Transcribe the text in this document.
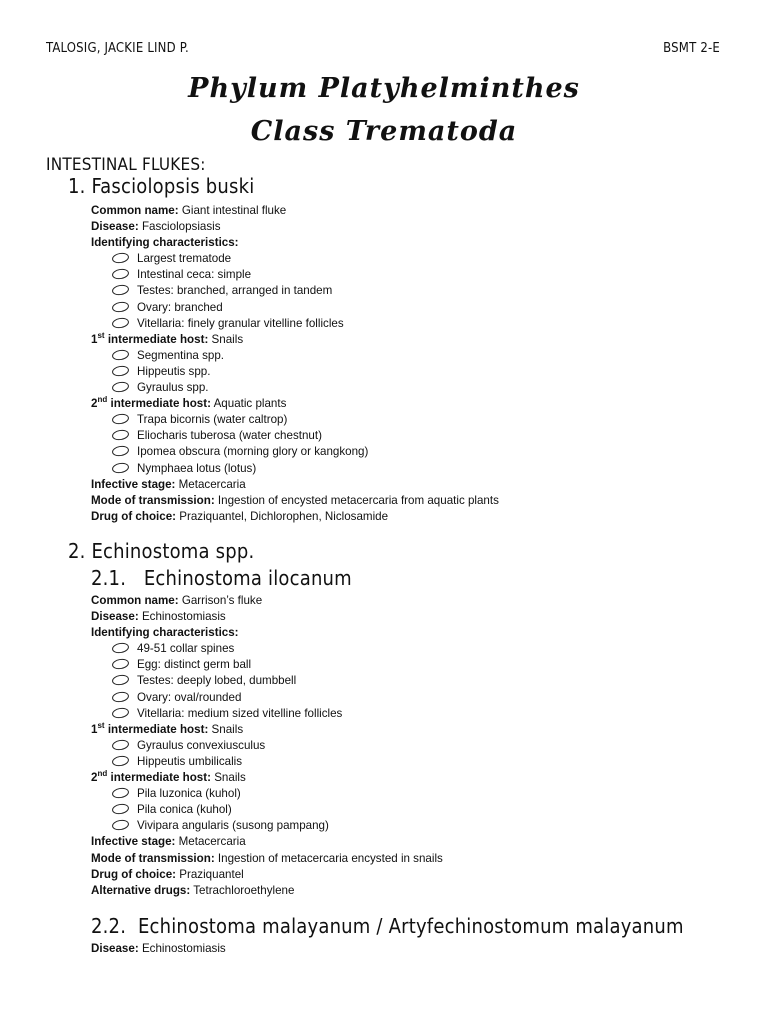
TALOSIG, JACKIE LIND P.	BSMT 2-E
Phylum Platyhelminthes
Class Trematoda
INTESTINAL FLUKES:
1. Fasciolopsis buski
Common name: Giant intestinal fluke
Disease: Fasciolopsiasis
Identifying characteristics:
Largest trematode
Intestinal ceca: simple
Testes: branched, arranged in tandem
Ovary: branched
Vitellaria: finely granular vitelline follicles
1st intermediate host: Snails
Segmentina spp.
Hippeutis spp.
Gyraulus spp.
2nd intermediate host: Aquatic plants
Trapa bicornis (water caltrop)
Eliocharis tuberosa (water chestnut)
Ipomea obscura (morning glory or kangkong)
Nymphaea lotus (lotus)
Infective stage: Metacercaria
Mode of transmission: Ingestion of encysted metacercaria from aquatic plants
Drug of choice: Praziquantel, Dichlorophen, Niclosamide
2. Echinostoma spp.
2.1.   Echinostoma ilocanum
Common name: Garrison’s fluke
Disease: Echinostomiasis
Identifying characteristics:
49-51 collar spines
Egg: distinct germ ball
Testes: deeply lobed, dumbbell
Ovary: oval/rounded
Vitellaria: medium sized vitelline follicles
1st intermediate host: Snails
Gyraulus convexiusculus
Hippeutis umbilicalis
2nd intermediate host: Snails
Pila luzonica (kuhol)
Pila conica (kuhol)
Vivipara angularis (susong pampang)
Infective stage: Metacercaria
Mode of transmission: Ingestion of metacercaria encysted in snails
Drug of choice: Praziquantel
Alternative drugs: Tetrachloroethylene
2.2.  Echinostoma malayanum / Artyfechinostomum malayanum
Disease: Echinostomiasis
